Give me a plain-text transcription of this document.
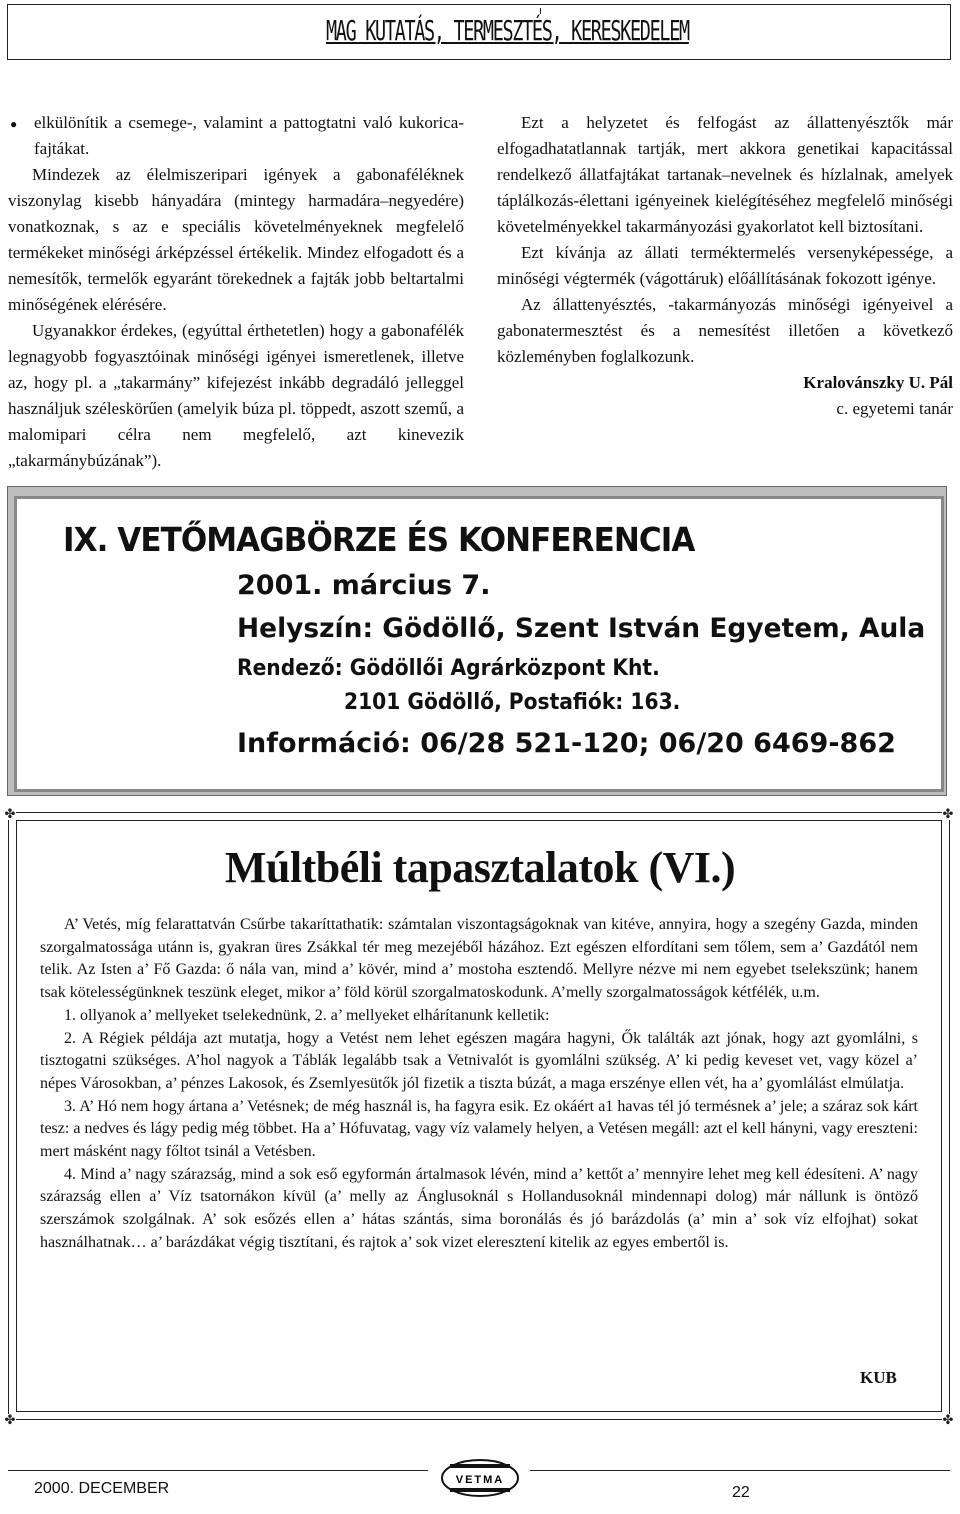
MAG KUTATÁS, TERMESZTÉS, KERESKEDELEM

● elkülönítik a csemege-, valamint a pattogtatni való kukorica-fajtákat.

Mindezek az élelmiszeripari igények a gabonaféléknek viszonylag kisebb hányadára (mintegy harmadára–negyedére) vonatkoznak, s az e speciális követelményeknek megfelelő termékeket minőségi árképzéssel értékelik. Mindez elfogadott és a nemesítők, termelők egyaránt törekednek a fajták jobb beltartalmi minőségének elérésére.

Ugyanakkor érdekes, (egyúttal érthetetlen) hogy a gabonafélék legnagyobb fogyasztóinak minőségi igényei ismeretlenek, illetve az, hogy pl. a „takarmány” kifejezést inkább degradáló jelleggel használjuk széleskörűen (amelyik búza pl. töppedt, aszott szemű, a malomipari célra nem megfelelő, azt kinevezik „takarmánybúzának”).

Ezt a helyzetet és felfogást az állattenyésztők már elfogadhatatlannak tartják, mert akkora genetikai kapacitással rendelkező állatfajtákat tartanak–nevelnek és hízlalnak, amelyek táplálkozás-élettani igényeinek kielégítéséhez megfelelő minőségi követelményekkel takarmányozási gyakorlatot kell biztosítani.

Ezt kívánja az állati terméktermelés versenyképessége, a minőségi végtermék (vágottáruk) előállításának fokozott igénye.

Az állattenyésztés, -takarmányozás minőségi igényeivel a gabonatermesztést és a nemesítést illetően a következő közleményben foglalkozunk.

Kralovánszky U. Pál

c. egyetemi tanár

IX. VETŐMAGBÖRZE ÉS KONFERENCIA
2001. március 7.
Helyszín: Gödöllő, Szent István Egyetem, Aula
Rendező: Gödöllői Agrárközpont Kht.
2101 Gödöllő, Postafiók: 163.
Információ: 06/28 521-120; 06/20 6469-862
✤	✤
✤	✤
Múltbéli tapasztalatok (VI.)

A’ Vetés, míg felarattatván Csűrbe takaríttathatik: számtalan viszontagságoknak van kitéve, annyira, hogy a szegény Gazda, minden szorgalmatossága utánn is, gyakran üres Zsákkal tér meg mezejéből házához. Ezt egészen elfordítani sem tőlem, sem a’ Gazdától nem telik. Az Isten a’ Fő Gazda: ő nála van, mind a’ kövér, mind a’ mostoha esztendő. Mellyre nézve mi nem egyebet tselekszünk; hanem tsak kötelességünknek teszünk eleget, mikor a’ föld körül szorgalmatoskodunk. A’melly szorgalmatosságok kétfélék, u.m.

1. ollyanok a’ mellyeket tselekednünk, 2. a’ mellyeket elhárítanunk kelletik:

2. A Régiek példája azt mutatja, hogy a Vetést nem lehet egészen magára hagyni, Ők találták azt jónak, hogy azt gyomlálni, s tisztogatni szükséges. A’hol nagyok a Táblák legalább tsak a Vetnivalót is gyomlálni szükség. A’ ki pedig keveset vet, vagy közel a’ népes Városokban, a’ pénzes Lakosok, és Zsemlyesütők jól fizetik a tiszta búzát, a maga erszénye ellen vét, ha a’ gyomlálást elmúlatja.

3. A’ Hó nem hogy ártana a’ Vetésnek; de még használ is, ha fagyra esik. Ez okáért a1 havas tél jó termésnek a’ jele; a száraz sok kárt tesz: a nedves és lágy pedig még többet. Ha a’ Hófuvatag, vagy víz valamely helyen, a Vetésen megáll: azt el kell hányni, vagy ereszteni: mert másként nagy főltot tsinál a Vetésben.

4. Mind a’ nagy szárazság, mind a sok eső egyformán ártalmasok lévén, mind a’ kettőt a’ mennyire lehet meg kell édesíteni. A’ nagy szárazság ellen a’ Víz tsatornákon kívül (a’ melly az Ánglusoknál s Hollandusoknál mindennapi dolog) már nállunk is öntöző szerszámok szolgálnak. A’ sok esőzés ellen a’ hátas szántás, sima boronálás és jó barázdolás (a’ min a’ sok víz elfojhat) sokat használhatnak… a’ barázdákat végig tisztítani, és rajtok a’ sok vizet eleresztení kitelik az egyes embertől is.

KUB
2000. DECEMBER	22
VETMA
